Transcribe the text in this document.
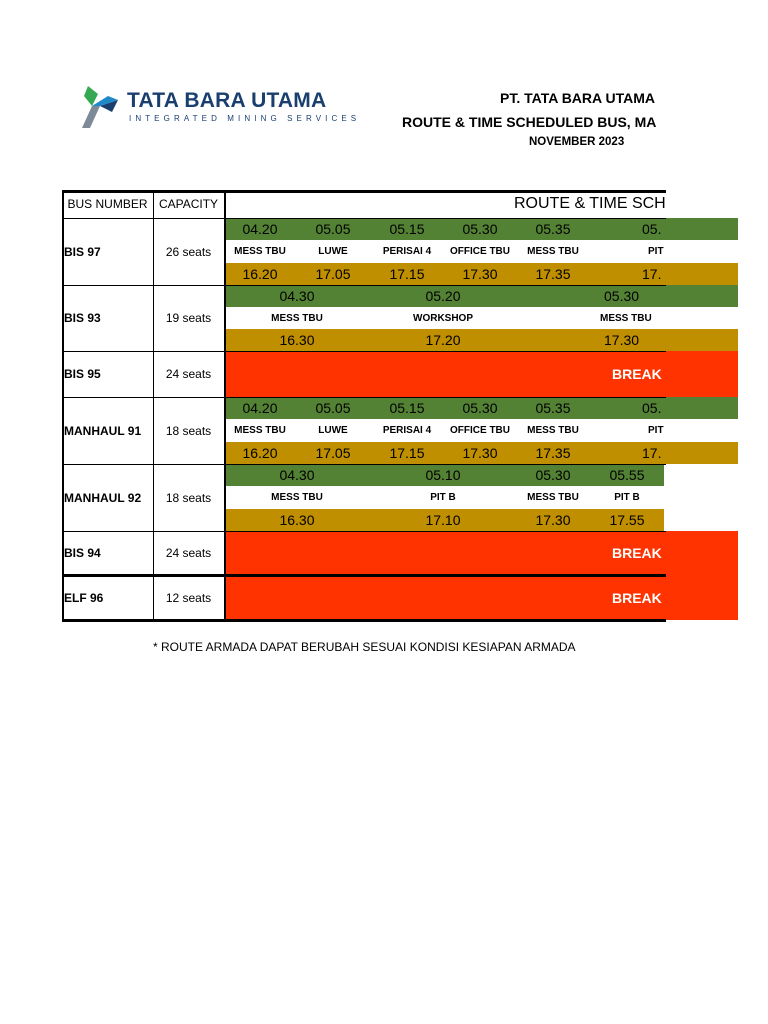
TATA BARA UTAMA
INTEGRATED MINING SERVICES
PT. TATA BARA UTAMA
ROUTE & TIME SCHEDULED BUS, MA
NOVEMBER 2023
BUS NUMBER CAPACITY	ROUTE & TIME SCH
BIS 97	26 seats
04.20	05.05	05.15	05.30	05.35	05.
MESS TBU	LUWE	PERISAI 4	OFFICE TBU	MESS TBU	PIT
16.20	17.05	17.15	17.30	17.35	17.
BIS 93	19 seats
04.30	05.20	05.30
MESS TBU	WORKSHOP	MESS TBU
16.30	17.20	17.30
BIS 95	24 seats	BREAK
MANHAUL 91	18 seats
04.20	05.05	05.15	05.30	05.35	05.
MESS TBU	LUWE	PERISAI 4	OFFICE TBU	MESS TBU	PIT
16.20	17.05	17.15	17.30	17.35	17.
MANHAUL 92	18 seats
04.30	05.10	05.30	05.55
MESS TBU	PIT B	MESS TBU	PIT B
16.30	17.10	17.30	17.55
BIS 94	24 seats	BREAK
ELF 96	12 seats	BREAK
* ROUTE ARMADA DAPAT BERUBAH SESUAI KONDISI KESIAPAN ARMADA
